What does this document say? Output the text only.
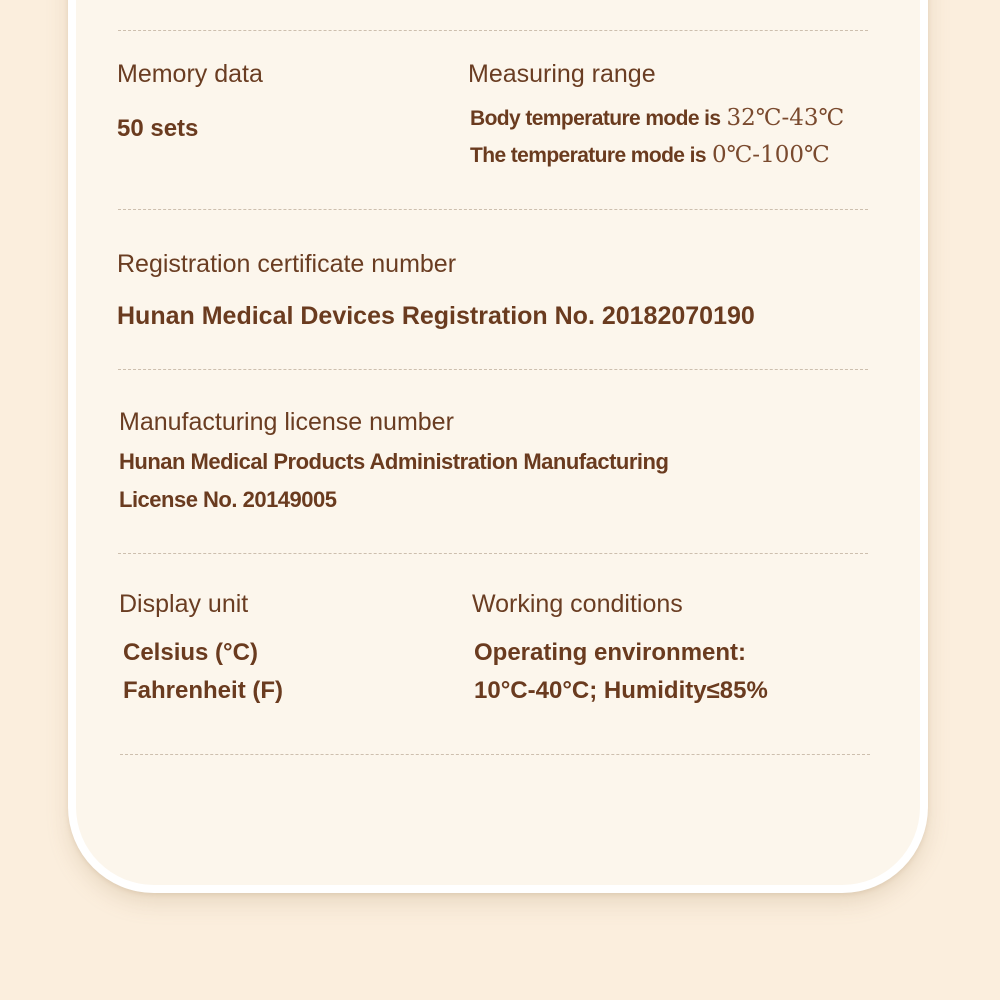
Memory data
50 sets
Measuring range
Body temperature mode is 32℃-43℃
The temperature mode is 0℃-100℃
Registration certificate number
Hunan Medical Devices Registration No. 20182070190
Manufacturing license number
Hunan Medical Products Administration Manufacturing
License No. 20149005
Display unit
Celsius (°C)
Fahrenheit (F)
Working conditions
Operating environment:
10°C-40°C; Humidity≤85%
